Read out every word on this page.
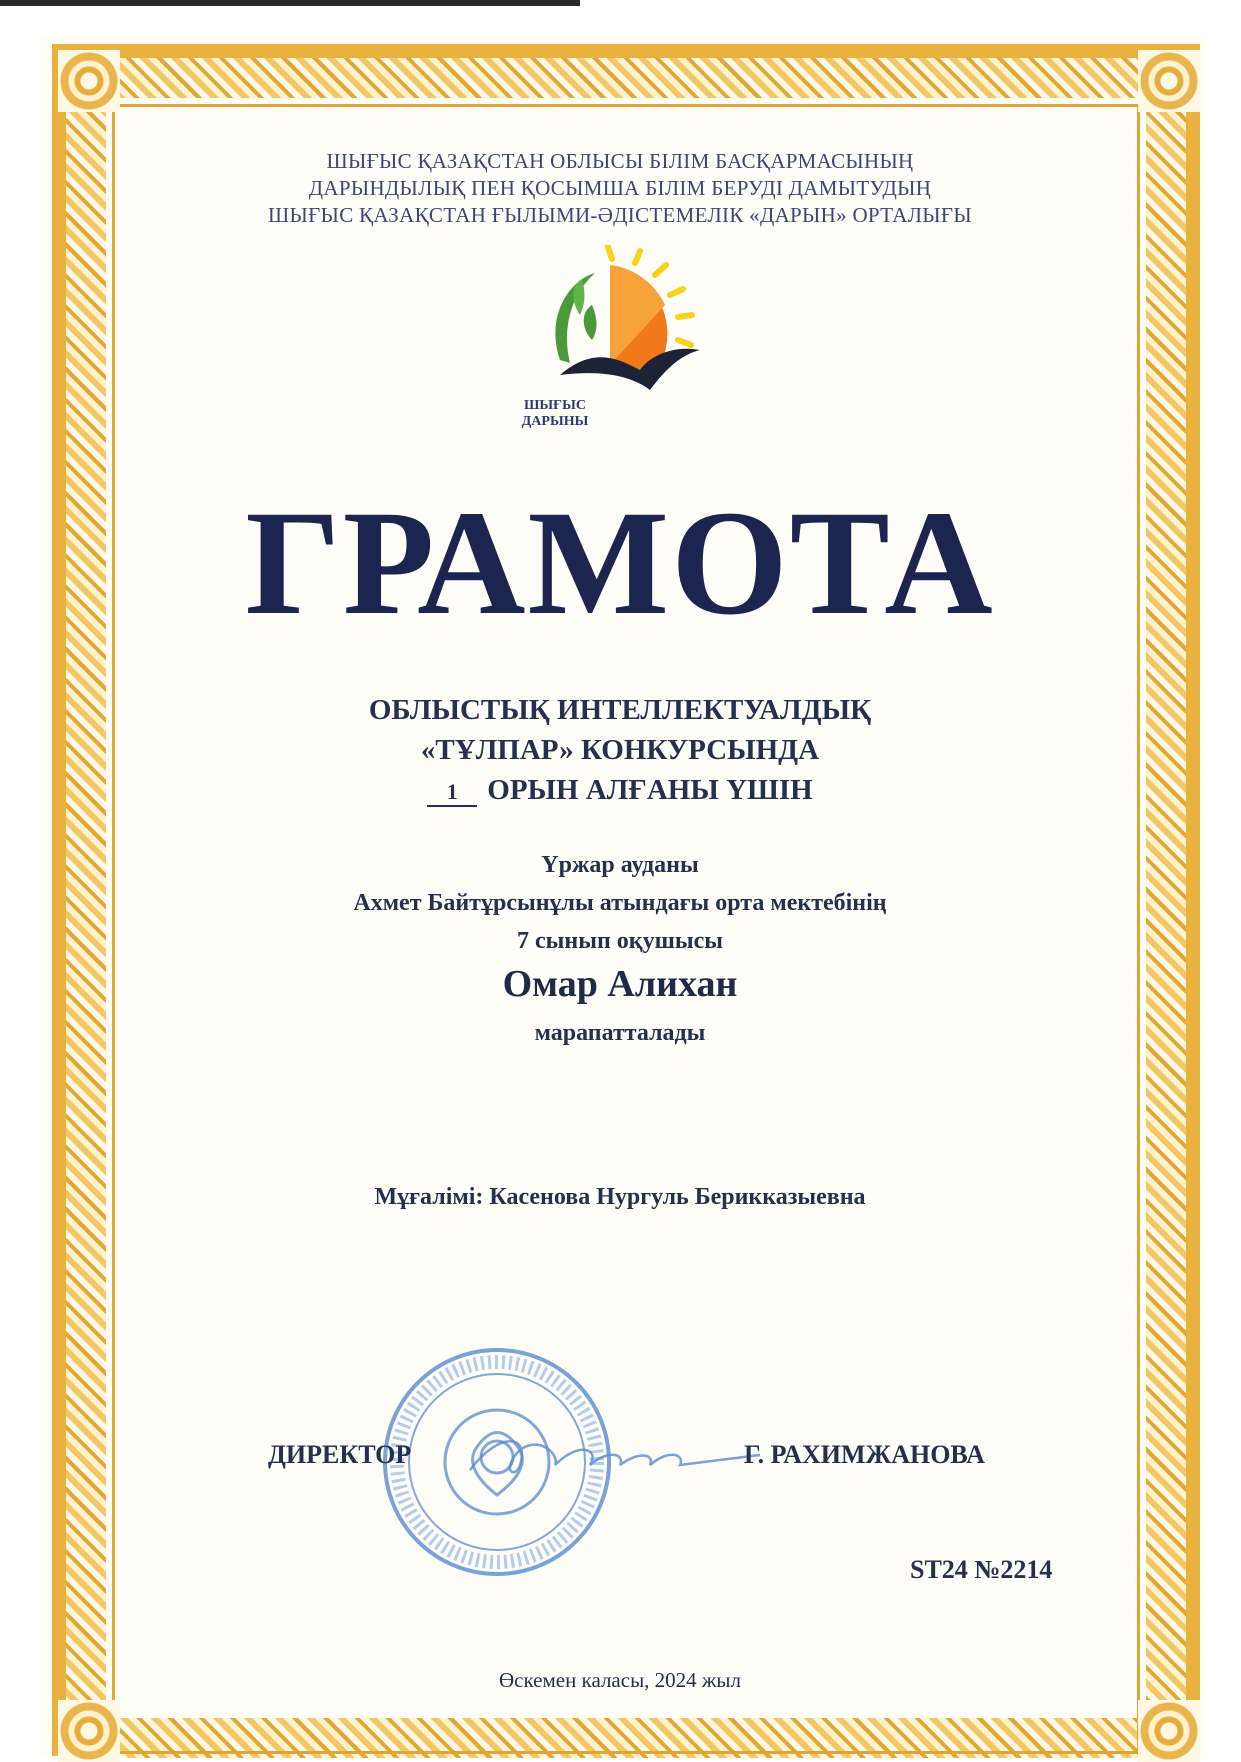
ШЫҒЫС ҚАЗАҚСТАН ОБЛЫСЫ БІЛІМ БАСҚАРМАСЫНЫҢ
ДАРЫНДЫЛЫҚ ПЕН ҚОСЫМША БІЛІМ БЕРУДІ ДАМЫТУДЫҢ
ШЫҒЫС ҚАЗАҚСТАН ҒЫЛЫМИ-ӘДІСТЕМЕЛІК «ДАРЫН» ОРТАЛЫҒЫ
ШЫҒЫС
ДАРЫНЫ
ГРАМОТА
ОБЛЫСТЫҚ ИНТЕЛЛЕКТУАЛДЫҚ
«ТҰЛПАР» КОНКУРСЫНДА
1 ОРЫН АЛҒАНЫ ҮШІН
Үржар ауданы
Ахмет Байтұрсынұлы атындағы орта мектебінің
7 сынып оқушысы
Омар Алихан
марапатталады
Мұғалімі: Касенова Нургуль Берикказыевна
ДИРЕКТОР	Г. РАХИМЖАНОВА
ST24 №2214
Өскемен каласы, 2024 жыл
